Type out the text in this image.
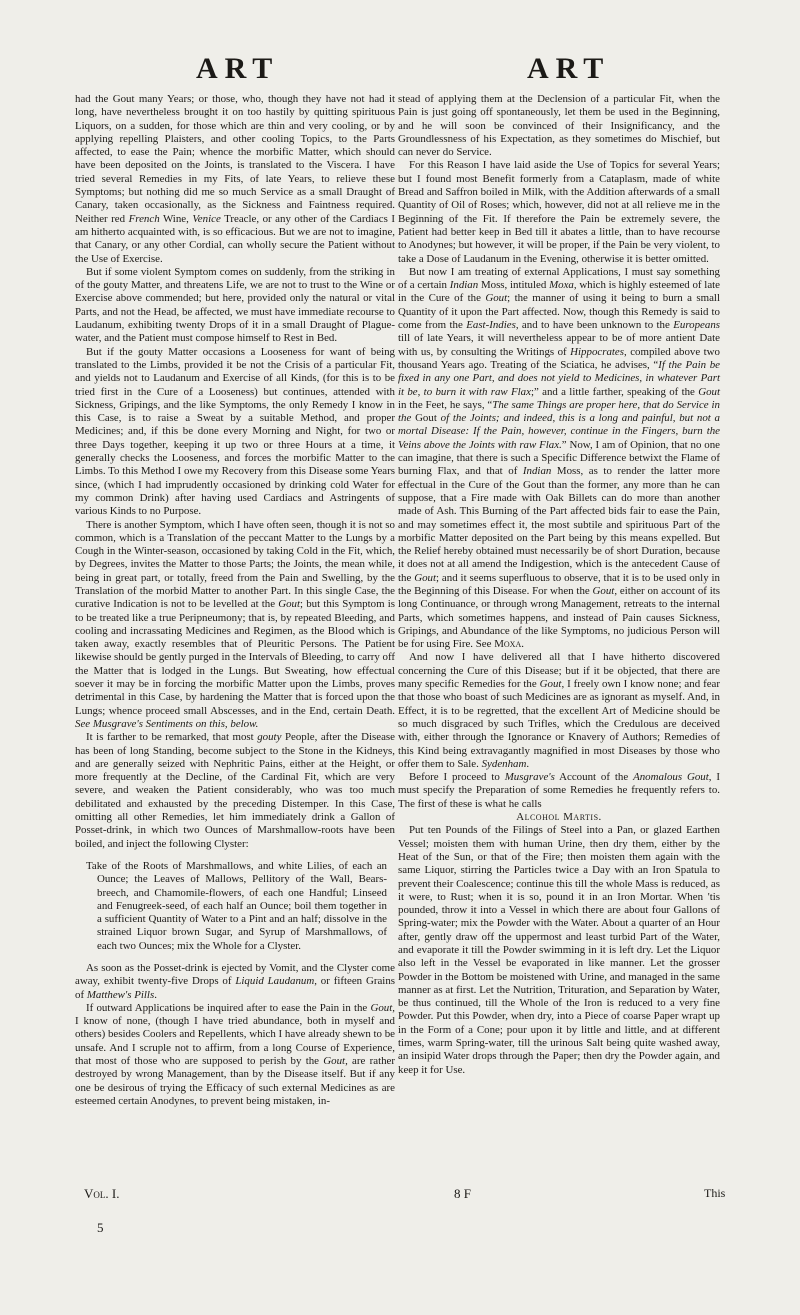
ART	ART

had the Gout many Years; or those, who, though they have not had it long, have nevertheless brought it on too hastily by quitting spirituous Liquors, on a sudden, for those which are thin and very cooling, or by applying repelling Plaisters, and other cooling Topics, to the Parts affected, to ease the Pain; whence the morbific Matter, which should have been deposited on the Joints, is translated to the Viscera. I have tried several Remedies in my Fits, of late Years, to relieve these Symptoms; but nothing did me so much Service as a small Draught of Canary, taken occasionally, as the Sickness and Faintness required. Neither red French Wine, Venice Treacle, or any other of the Cardiacs I am hitherto acquainted with, is so efficacious. But we are not to imagine, that Canary, or any other Cordial, can wholly secure the Patient without the Use of Exercise.

But if some violent Symptom comes on suddenly, from the striking in of the gouty Matter, and threatens Life, we are not to trust to the Wine or Exercise above commended; but here, provided only the natural or vital Parts, and not the Head, be affected, we must have immediate recourse to Laudanum, exhibiting twenty Drops of it in a small Draught of Plague-water, and the Patient must compose himself to Rest in Bed.

But if the gouty Matter occasions a Looseness for want of being translated to the Limbs, provided it be not the Crisis of a particular Fit, and yields not to Laudanum and Exercise of all Kinds, (for this is to be tried first in the Cure of a Looseness) but continues, attended with Sickness, Gripings, and the like Symptoms, the only Remedy I know in this Case, is to raise a Sweat by a suitable Method, and proper Medicines; and, if this be done every Morning and Night, for two or three Days together, keeping it up two or three Hours at a time, it generally checks the Looseness, and forces the morbific Matter to the Limbs. To this Method I owe my Recovery from this Disease some Years since, (which I had imprudently occasioned by drinking cold Water for my common Drink) after having used Cardiacs and Astringents of various Kinds to no Purpose.

There is another Symptom, which I have often seen, though it is not so common, which is a Translation of the peccant Matter to the Lungs by a Cough in the Winter-season, occasioned by taking Cold in the Fit, which, by Degrees, invites the Matter to those Parts; the Joints, the mean while, being in great part, or totally, freed from the Pain and Swelling, by the Translation of the morbid Matter to another Part. In this single Case, the curative Indication is not to be levelled at the Gout; but this Symptom is to be treated like a true Peripneumony; that is, by repeated Bleeding, and cooling and incrassating Medicines and Regimen, as the Blood which is taken away, exactly resembles that of Pleuritic Persons. The Patient likewise should be gently purged in the Intervals of Bleeding, to carry off the Matter that is lodged in the Lungs. But Sweating, how effectual soever it may be in forcing the morbific Matter upon the Limbs, proves detrimental in this Case, by hardening the Matter that is forced upon the Lungs; whence proceed small Abscesses, and in the End, certain Death. See Musgrave's Sentiments on this, below.

It is farther to be remarked, that most gouty People, after the Disease has been of long Standing, become subject to the Stone in the Kidneys, and are generally seized with Nephritic Pains, either at the Height, or more frequently at the Decline, of the Cardinal Fit, which are very severe, and weaken the Patient considerably, who was too much debilitated and exhausted by the preceding Distemper. In this Case, omitting all other Remedies, let him immediately drink a Gallon of Posset-drink, in which two Ounces of Marshmallow-roots have been boiled, and inject the following Clyster:

Take of the Roots of Marshmallows, and white Lilies, of each an Ounce; the Leaves of Mallows, Pellitory of the Wall, Bears-breech, and Chamomile-flowers, of each one Handful; Linseed and Fenugreek-seed, of each half an Ounce; boil them together in a sufficient Quantity of Water to a Pint and an half; dissolve in the strained Liquor brown Sugar, and Syrup of Marshmallows, of each two Ounces; mix the Whole for a Clyster.

As soon as the Posset-drink is ejected by Vomit, and the Clyster come away, exhibit twenty-five Drops of Liquid Laudanum, or fifteen Grains of Matthew's Pills.

If outward Applications be inquired after to ease the Pain in the Gout, I know of none, (though I have tried abundance, both in myself and others) besides Coolers and Repellents, which I have already shewn to be unsafe. And I scruple not to affirm, from a long Course of Experience, that most of those who are supposed to perish by the Gout, are rather destroyed by wrong Management, than by the Disease itself. But if any one be desirous of trying the Efficacy of such external Medicines as are esteemed certain Anodynes, to prevent being mistaken, in-

stead of applying them at the Declension of a particular Fit, when the Pain is just going off spontaneously, let them be used in the Beginning, and he will soon be convinced of their Insignificancy, and the Groundlessness of his Expectation, as they sometimes do Mischief, but can never do Service.

For this Reason I have laid aside the Use of Topics for several Years; but I found most Benefit formerly from a Cataplasm, made of white Bread and Saffron boiled in Milk, with the Addition afterwards of a small Quantity of Oil of Roses; which, however, did not at all relieve me in the Beginning of the Fit. If therefore the Pain be extremely severe, the Patient had better keep in Bed till it abates a little, than to have recourse to Anodynes; but however, it will be proper, if the Pain be very violent, to take a Dose of Laudanum in the Evening, otherwise it is better omitted.

But now I am treating of external Applications, I must say something of a certain Indian Moss, intituled Moxa, which is highly esteemed of late in the Cure of the Gout; the manner of using it being to burn a small Quantity of it upon the Part affected. Now, though this Remedy is said to come from the East-Indies, and to have been unknown to the Europeans till of late Years, it will nevertheless appear to be of more antient Date with us, by consulting the Writings of Hippocrates, compiled above two thousand Years ago. Treating of the Sciatica, he advises, “If the Pain be fixed in any one Part, and does not yield to Medicines, in whatever Part it be, to burn it with raw Flax;” and a little farther, speaking of the Gout in the Feet, he says, “The same Things are proper here, that do Service in the Gout of the Joints; and indeed, this is a long and painful, but not a mortal Disease: If the Pain, however, continue in the Fingers, burn the Veins above the Joints with raw Flax.” Now, I am of Opinion, that no one can imagine, that there is such a Specific Difference betwixt the Flame of burning Flax, and that of Indian Moss, as to render the latter more effectual in the Cure of the Gout than the former, any more than he can suppose, that a Fire made with Oak Billets can do more than another made of Ash. This Burning of the Part affected bids fair to ease the Pain, and may sometimes effect it, the most subtile and spirituous Part of the morbific Matter deposited on the Part being by this means expelled. But the Relief hereby obtained must necessarily be of short Duration, because it does not at all amend the Indigestion, which is the antecedent Cause of the Gout; and it seems superfluous to observe, that it is to be used only in the Beginning of this Disease. For when the Gout, either on account of its long Continuance, or through wrong Management, retreats to the internal Parts, which sometimes happens, and instead of Pain causes Sickness, Gripings, and Abundance of the like Symptoms, no judicious Person will be for using Fire. See Moxa.

And now I have delivered all that I have hitherto discovered concerning the Cure of this Disease; but if it be objected, that there are many specific Remedies for the Gout, I freely own I know none; and fear that those who boast of such Medicines are as ignorant as myself. And, in Effect, it is to be regretted, that the excellent Art of Medicine should be so much disgraced by such Trifles, which the Credulous are deceived with, either through the Ignorance or Knavery of Authors; Remedies of this Kind being extravagantly magnified in most Diseases by those who offer them to Sale. Sydenham.

Before I proceed to Musgrave's Account of the Anomalous Gout, I must specify the Preparation of some Remedies he frequently refers to. The first of these is what he calls

Alcohol Martis.

Put ten Pounds of the Filings of Steel into a Pan, or glazed Earthen Vessel; moisten them with human Urine, then dry them, either by the Heat of the Sun, or that of the Fire; then moisten them again with the same Liquor, stirring the Particles twice a Day with an Iron Spatula to prevent their Coalescence; continue this till the whole Mass is reduced, as it were, to Rust; when it is so, pound it in an Iron Mortar. When 'tis pounded, throw it into a Vessel in which there are about four Gallons of Spring-water; mix the Powder with the Water. About a quarter of an Hour after, gently draw off the uppermost and least turbid Part of the Water, and evaporate it till the Powder swimming in it is left dry. Let the Liquor also left in the Vessel be evaporated in like manner. Let the grosser Powder in the Bottom be moistened with Urine, and managed in the same manner as at first. Let the Nutrition, Trituration, and Separation by Water, be thus continued, till the Whole of the Iron is reduced to a very fine Powder. Put this Powder, when dry, into a Piece of coarse Paper wrapt up in the Form of a Cone; pour upon it by little and little, and at different times, warm Spring-water, till the urinous Salt being quite washed away, an insipid Water drops through the Paper; then dry the Powder again, and keep it for Use.

Vol. I.	8 F	This
5
